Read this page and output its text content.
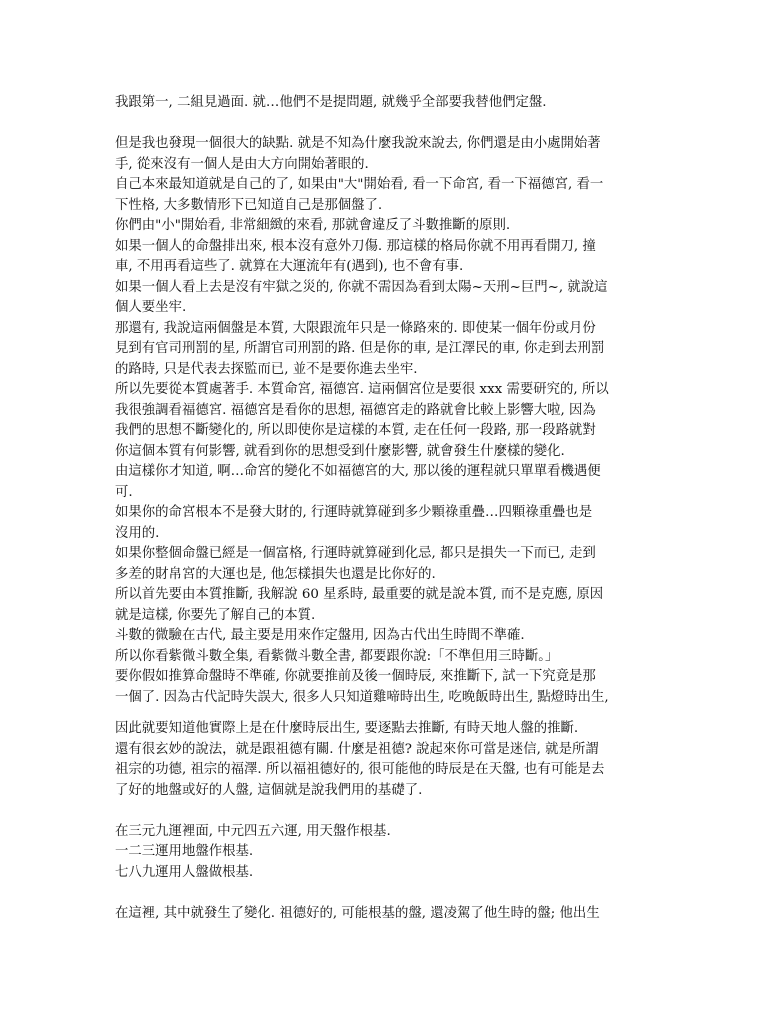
我跟第一, 二組見過面. 就…他們不是提問題, 就幾乎全部要我替他們定盤.
但是我也發現一個很大的缺點. 就是不知為什麼我說來說去, 你們還是由小處開始著
手, 從來沒有一個人是由大方向開始著眼的.
自己本來最知道就是自己的了, 如果由"大"開始看, 看一下命宮, 看一下福德宮, 看一
下性格, 大多數情形下已知道自己是那個盤了.
你們由"小"開始看, 非常細緻的來看, 那就會違反了斗數推斷的原則.
如果一個人的命盤排出來, 根本沒有意外刀傷. 那這樣的格局你就不用再看開刀, 撞
車, 不用再看這些了. 就算在大運流年有(遇到), 也不會有事.
如果一個人看上去是沒有牢獄之災的, 你就不需因為看到太陽~天刑~巨門~, 就說這
個人要坐牢.
那還有, 我說這兩個盤是本質, 大限跟流年只是一條路來的. 即使某一個年份或月份
見到有官司刑罰的星, 所謂官司刑罰的路. 但是你的車, 是江澤民的車, 你走到去刑罰
的路時, 只是代表去探監而已, 並不是要你進去坐牢.
所以先要從本質處著手. 本質命宮, 福德宮. 這兩個宮位是要很 xxx 需要研究的, 所以
我很強調看福德宮. 福德宮是看你的思想, 福德宮走的路就會比較上影響大啦, 因為
我們的思想不斷變化的, 所以即使你是這樣的本質, 走在任何一段路, 那一段路就對
你這個本質有何影響, 就看到你的思想受到什麼影響, 就會發生什麼樣的變化.
由這樣你才知道, 啊…命宮的變化不如福德宮的大, 那以後的運程就只單單看機遇便
可.
如果你的命宮根本不是發大財的, 行運時就算碰到多少顆祿重疊…四顆祿重疊也是
沒用的.
如果你整個命盤已經是一個富格, 行運時就算碰到化忌, 都只是損失一下而已, 走到
多差的財帛宮的大運也是, 他怎樣損失也還是比你好的.
所以首先要由本質推斷, 我解說 60 星系時, 最重要的就是說本質, 而不是克應, 原因
就是這樣, 你要先了解自己的本質.
斗數的微驗在古代, 最主要是用來作定盤用, 因為古代出生時間不準確.
所以你看紫微斗數全集, 看紫微斗數全書, 都要跟你說:「不準但用三時斷。」
要你假如推算命盤時不準確, 你就要推前及後一個時辰, 來推斷下, 試一下究竟是那
一個了. 因為古代記時失誤大, 很多人只知道雞啼時出生, 吃晚飯時出生, 點燈時出生,
因此就要知道他實際上是在什麼時辰出生, 要逐點去推斷, 有時天地人盤的推斷.
還有很玄妙的說法，就是跟祖德有關. 什麼是祖德? 說起來你可當是迷信, 就是所謂
祖宗的功德, 祖宗的福澤. 所以福祖德好的, 很可能他的時辰是在天盤, 也有可能是去
了好的地盤或好的人盤, 這個就是說我們用的基礎了.
在三元九運裡面, 中元四五六運, 用天盤作根基.
一二三運用地盤作根基.
七八九運用人盤做根基.
在這裡, 其中就發生了變化. 祖德好的, 可能根基的盤, 還凌駕了他生時的盤; 他出生
